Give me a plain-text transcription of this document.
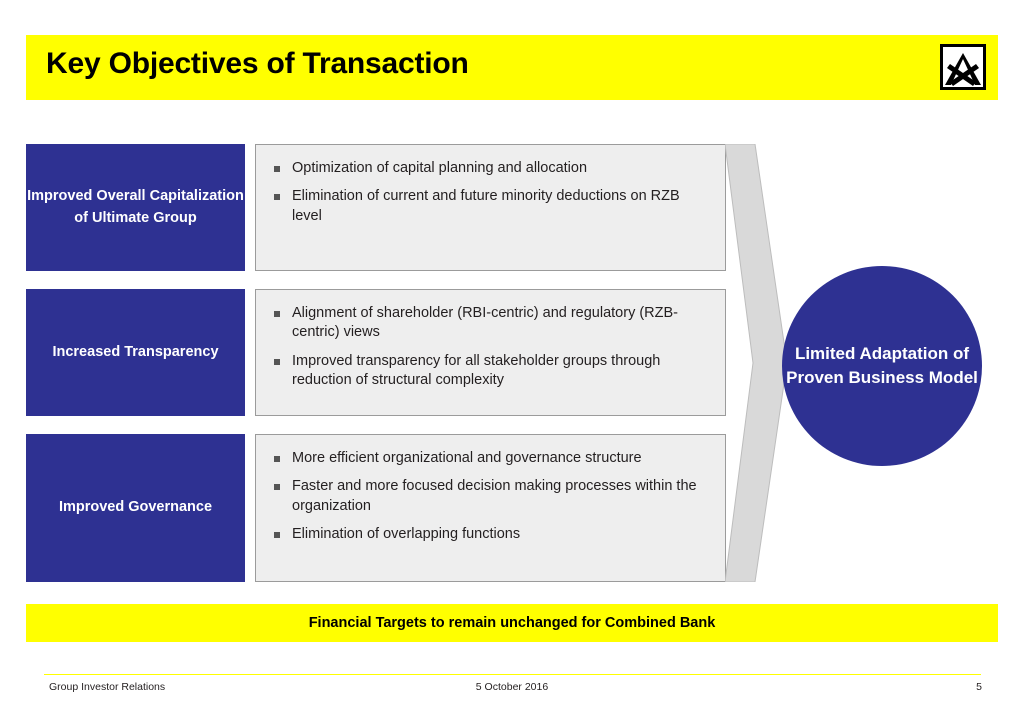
Key Objectives of Transaction
Improved Overall Capitalization of Ultimate Group
Optimization of capital planning and allocation
Elimination of current and future minority deductions on RZB level
Increased Transparency
Alignment of shareholder (RBI-centric) and regulatory (RZB-centric) views
Improved transparency for all stakeholder groups through reduction of structural complexity
Improved Governance
More efficient organizational and governance structure
Faster and more focused decision making processes within the organization
Elimination of overlapping functions
Limited Adaptation of Proven Business Model
Financial Targets to remain unchanged for Combined Bank
Group Investor Relations	5 October 2016	5
